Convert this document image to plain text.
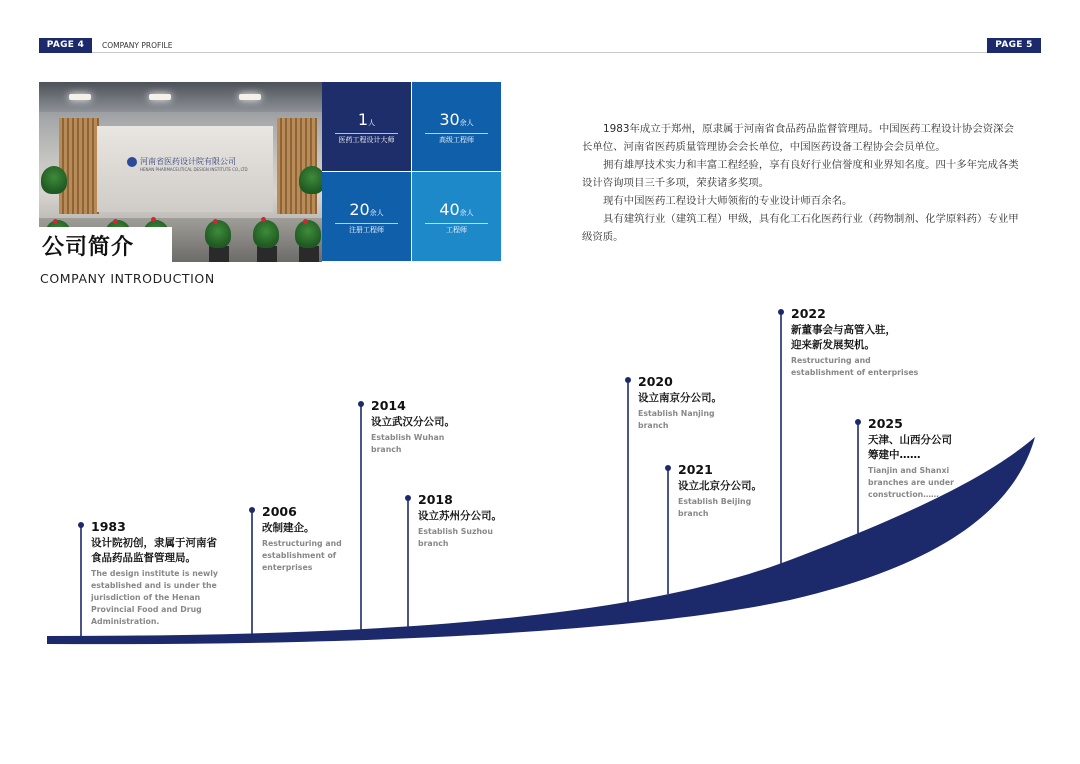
PAGE 4	COMPANY PROFILE	PAGE 5
河南省医药设计院有限公司
HENAN PHARMACEUTICAL DESIGN INSTITUTE CO.,LTD
1人
医药工程设计大师
30余人
高级工程师
20余人
注册工程师
40余人
工程师
公司简介
COMPANY INTRODUCTION

1983年成立于郑州，原隶属于河南省食品药品监督管理局。中国医药工程设计协会资深会长单位、河南省医药质量管理协会会长单位，中国医药设备工程协会会员单位。

拥有雄厚技术实力和丰富工程经验，享有良好行业信誉度和业界知名度。四十多年完成各类设计咨询项目三千多项，荣获诸多奖项。

现有中国医药工程设计大师领衔的专业设计师百余名。

具有建筑行业（建筑工程）甲级，具有化工石化医药行业（药物制剂、化学原料药）专业甲级资质。

1983
设计院初创，隶属于河南省
食品药品监督管理局。
The design institute is newly
established and is under the
jurisdiction of the Henan
Provincial Food and Drug
Administration.
2006
改制建企。
Restructuring and
establishment of
enterprises
2014
设立武汉分公司。
Establish Wuhan
branch
2018
设立苏州分公司。
Establish Suzhou
branch
2020
设立南京分公司。
Establish Nanjing
branch
2021
设立北京分公司。
Establish Beijing
branch
2022
新董事会与高管入驻，
迎来新发展契机。
Restructuring and
establishment of enterprises
2025
天津、山西分公司
筹建中……
Tianjin and Shanxi
branches are under
construction……
